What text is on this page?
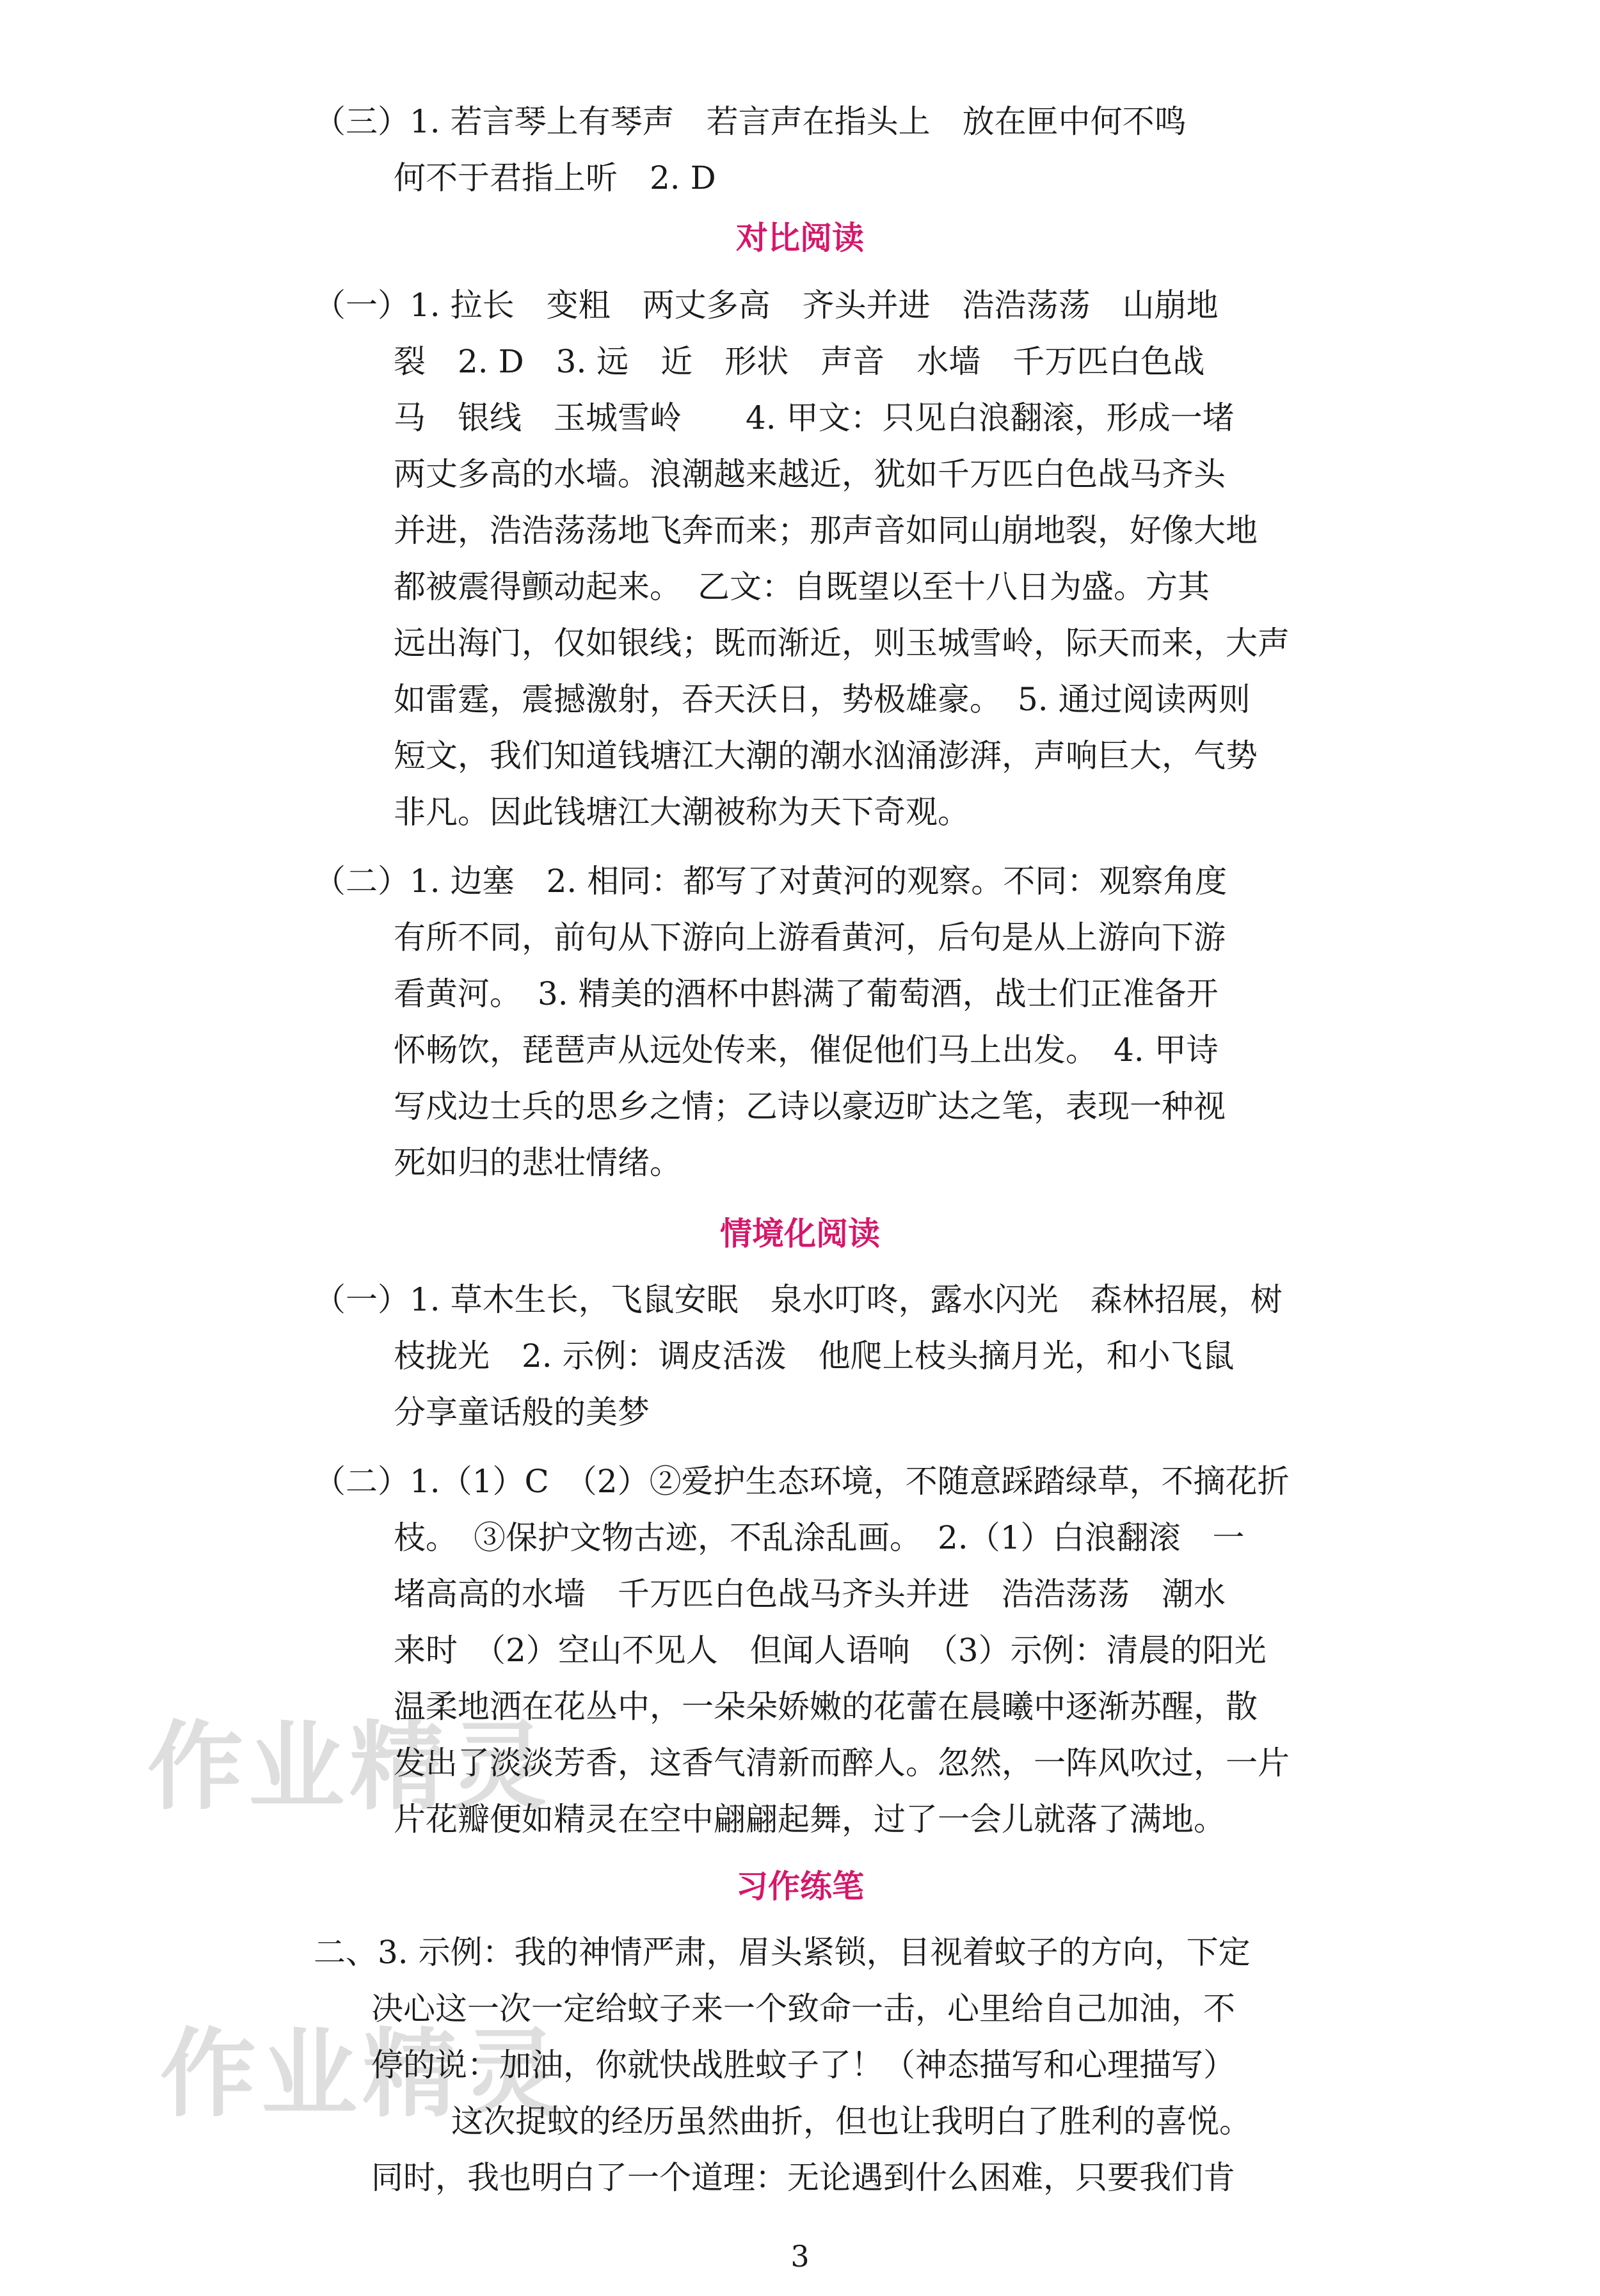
作业精灵
作业精灵
（三）1. 若言琴上有琴声　若言声在指头上　放在匣中何不鸣
何不于君指上听　2. D
对比阅读
（一）1. 拉长　变粗　两丈多高　齐头并进　浩浩荡荡　山崩地
裂　2. D　3. 远　近　形状　声音　水墙　千万匹白色战
马　银线　玉城雪岭　　4. 甲文：只见白浪翻滚，形成一堵
两丈多高的水墙。浪潮越来越近，犹如千万匹白色战马齐头
并进，浩浩荡荡地飞奔而来；那声音如同山崩地裂，好像大地
都被震得颤动起来。　乙文：自既望以至十八日为盛。方其
远出海门，仅如银线；既而渐近，则玉城雪岭，际天而来，大声
如雷霆，震撼激射，吞天沃日，势极雄豪。　5. 通过阅读两则
短文，我们知道钱塘江大潮的潮水汹涌澎湃，声响巨大，气势
非凡。因此钱塘江大潮被称为天下奇观。
（二）1. 边塞　2. 相同：都写了对黄河的观察。不同：观察角度
有所不同，前句从下游向上游看黄河，后句是从上游向下游
看黄河。　3. 精美的酒杯中斟满了葡萄酒，战士们正准备开
怀畅饮，琵琶声从远处传来，催促他们马上出发。　4. 甲诗
写戍边士兵的思乡之情；乙诗以豪迈旷达之笔，表现一种视
死如归的悲壮情绪。
情境化阅读
（一）1. 草木生长，飞鼠安眠　泉水叮咚，露水闪光　森林招展，树
枝拢光　2. 示例：调皮活泼　他爬上枝头摘月光，和小飞鼠
分享童话般的美梦
（二）1.（1）C　（2）②爱护生态环境，不随意踩踏绿草，不摘花折
枝。　③保护文物古迹，不乱涂乱画。　2.（1）白浪翻滚　一
堵高高的水墙　千万匹白色战马齐头并进　浩浩荡荡　潮水
来时　（2）空山不见人　但闻人语响　（3）示例：清晨的阳光
温柔地洒在花丛中，一朵朵娇嫩的花蕾在晨曦中逐渐苏醒，散
发出了淡淡芳香，这香气清新而醉人。忽然，一阵风吹过，一片
片花瓣便如精灵在空中翩翩起舞，过了一会儿就落了满地。
习作练笔
二、3. 示例：我的神情严肃，眉头紧锁，目视着蚊子的方向，下定
决心这一次一定给蚊子来一个致命一击，心里给自己加油，不
停的说：加油，你就快战胜蚊子了！（神态描写和心理描写）
这次捉蚊的经历虽然曲折，但也让我明白了胜利的喜悦。
同时，我也明白了一个道理：无论遇到什么困难，只要我们肯
3
